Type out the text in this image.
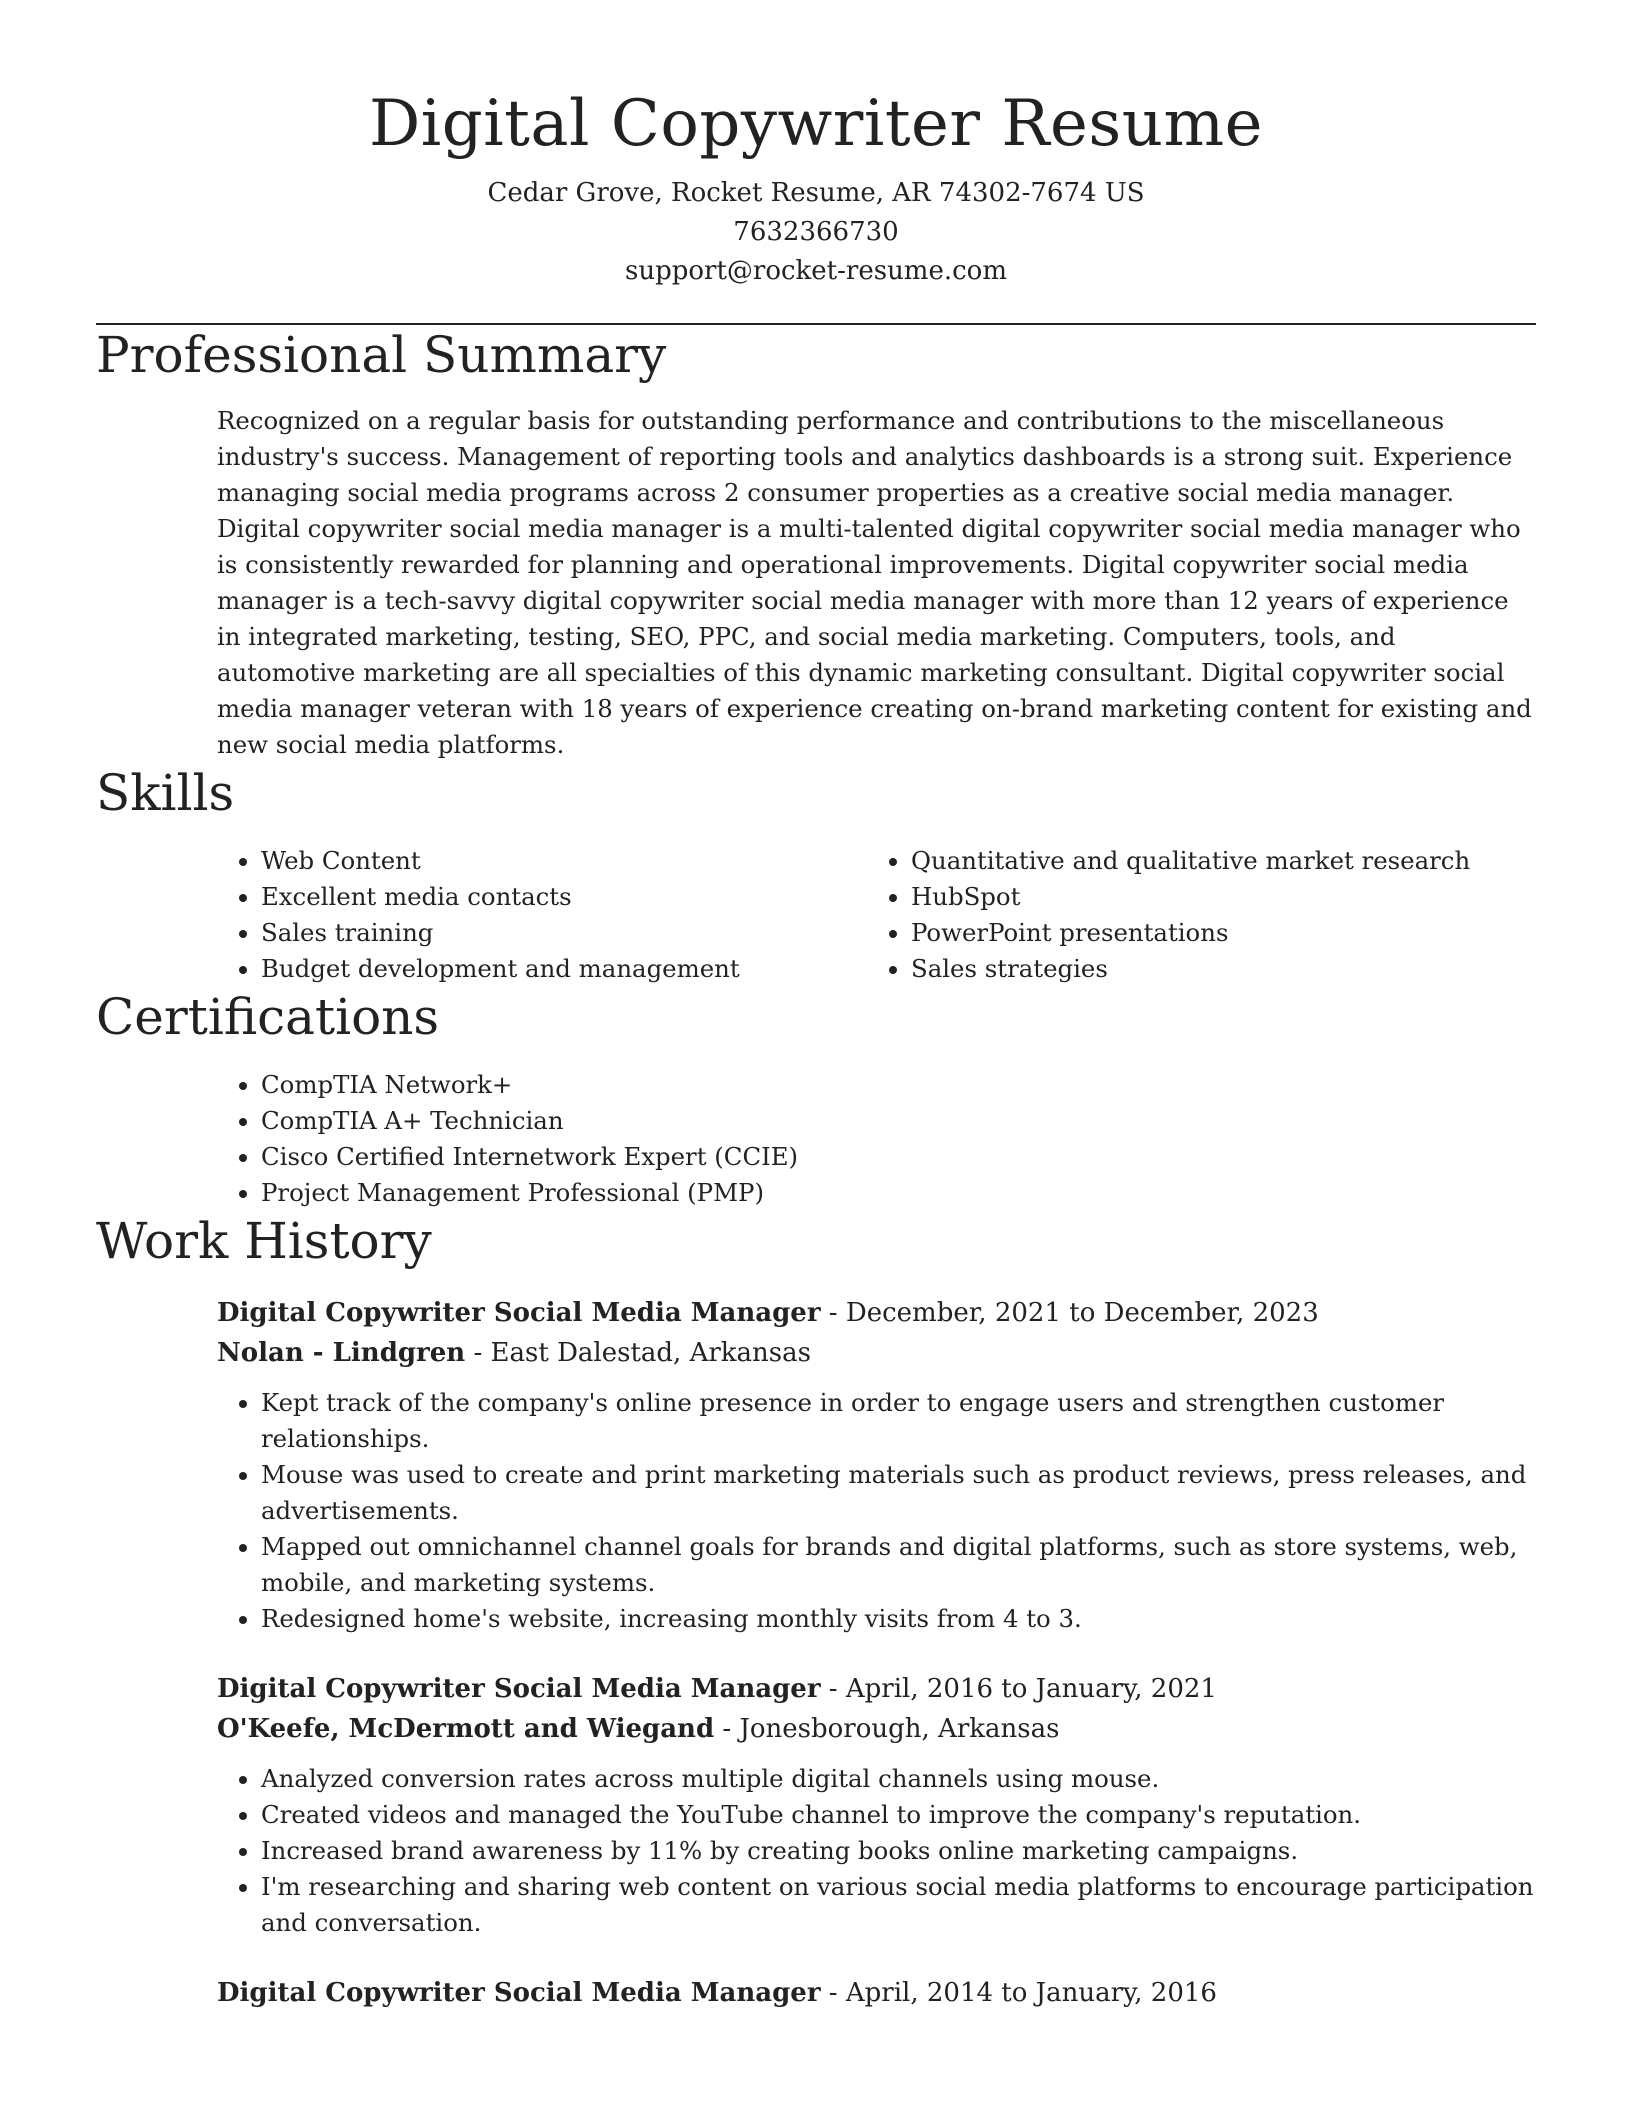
Digital Copywriter Resume
Cedar Grove, Rocket Resume, AR 74302-7674 US
7632366730
support@rocket-resume.com
Professional Summary

Recognized on a regular basis for outstanding performance and contributions to the miscellaneous industry's success. Management of reporting tools and analytics dashboards is a strong suit. Experience managing social media programs across 2 consumer properties as a creative social media manager. Digital copywriter social media manager is a multi-talented digital copywriter social media manager who is consistently rewarded for planning and operational improvements. Digital copywriter social media manager is a tech-savvy digital copywriter social media manager with more than 12 years of experience in integrated marketing, testing, SEO, PPC, and social media marketing. Computers, tools, and automotive marketing are all specialties of this dynamic marketing consultant. Digital copywriter social media manager veteran with 18 years of experience creating on-brand marketing content for existing and new social media platforms.

Skills
• Web Content
• Excellent media contacts
• Sales training
• Budget development and management
• Quantitative and qualitative market research
• HubSpot
• PowerPoint presentations
• Sales strategies
Certifications
• CompTIA Network+
• CompTIA A+ Technician
• Cisco Certified Internetwork Expert (CCIE)
• Project Management Professional (PMP)
Work History
Digital Copywriter Social Media Manager - December, 2021 to December, 2023
Nolan - Lindgren - East Dalestad, Arkansas
• Kept track of the company's online presence in order to engage users and strengthen customer relationships.
• Mouse was used to create and print marketing materials such as product reviews, press releases, and advertisements.
• Mapped out omnichannel channel goals for brands and digital platforms, such as store systems, web, mobile, and marketing systems.
• Redesigned home's website, increasing monthly visits from 4 to 3.
Digital Copywriter Social Media Manager - April, 2016 to January, 2021
O'Keefe, McDermott and Wiegand - Jonesborough, Arkansas
• Analyzed conversion rates across multiple digital channels using mouse.
• Created videos and managed the YouTube channel to improve the company's reputation.
• Increased brand awareness by 11% by creating books online marketing campaigns.
• I'm researching and sharing web content on various social media platforms to encourage participation and conversation.
Digital Copywriter Social Media Manager - April, 2014 to January, 2016
